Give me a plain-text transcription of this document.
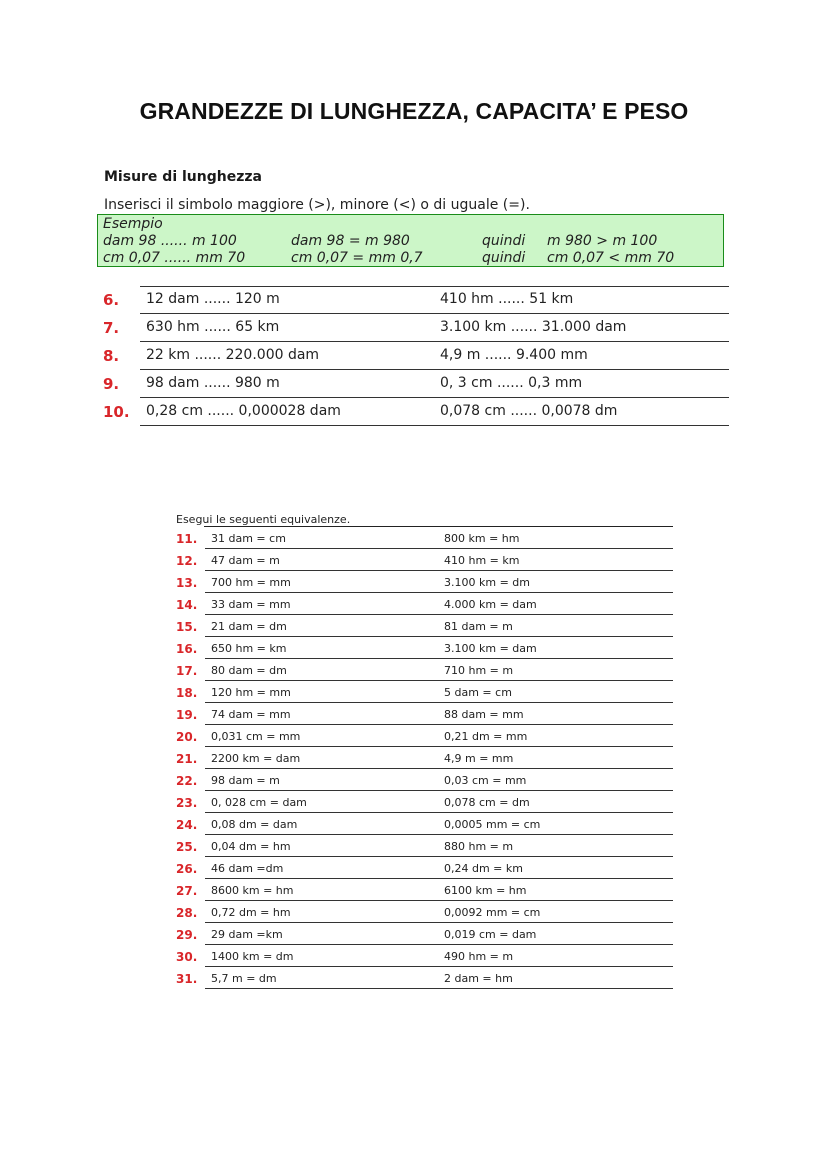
GRANDEZZE DI LUNGHEZZA, CAPACITA’ E PESO
Misure di lunghezza
Inserisci il simbolo maggiore (>), minore (<) o di uguale (=).
Esempio
dam 98 ...... m 100	dam 98 = m 980	quindi m 980 > m 100
cm 0,07 ...... mm 70	cm 0,07 = mm 0,7	quindi cm 0,07 < mm 70
6. 12 dam ...... 120 m	410 hm ...... 51 km
7. 630 hm ...... 65 km	3.100 km ...... 31.000 dam
8. 22 km ...... 220.000 dam	4,9 m ...... 9.400 mm
9. 98 dam ...... 980 m	0, 3 cm ...... 0,3 mm
10. 0,28 cm ...... 0,000028 dam	0,078 cm ...... 0,0078 dm
Esegui le seguenti equivalenze.
11. 31 dam = cm	800 km = hm
12. 47 dam = m	410 hm = km
13. 700 hm = mm	3.100 km = dm
14. 33 dam = mm	4.000 km = dam
15. 21 dam = dm	81 dam = m
16. 650 hm = km	3.100 km = dam
17. 80 dam = dm	710 hm = m
18. 120 hm = mm	5 dam = cm
19. 74 dam = mm	88 dam = mm
20. 0,031 cm = mm	0,21 dm = mm
21. 2200 km = dam	4,9 m = mm
22. 98 dam = m	0,03 cm = mm
23. 0, 028 cm = dam	0,078 cm = dm
24. 0,08 dm = dam	0,0005 mm = cm
25. 0,04 dm = hm	880 hm = m
26. 46 dam =dm	0,24 dm = km
27. 8600 km = hm	6100 km = hm
28. 0,72 dm = hm	0,0092 mm = cm
29. 29 dam =km	0,019 cm = dam
30. 1400 km = dm	490 hm = m
31. 5,7 m = dm	2 dam = hm
